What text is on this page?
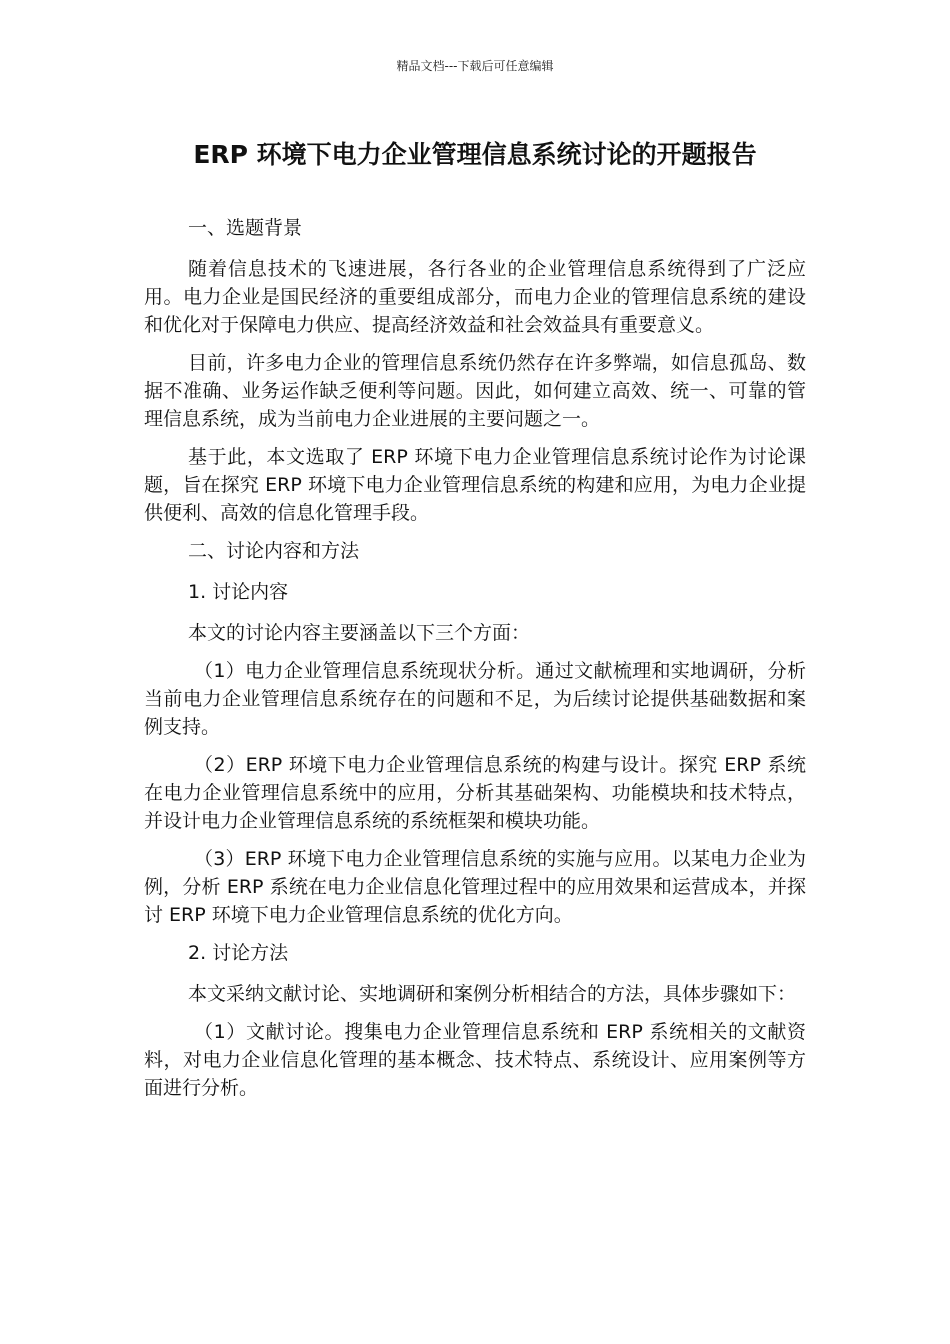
精品文档---下载后可任意编辑
ERP 环境下电力企业管理信息系统讨论的开题报告

一、选题背景

随着信息技术的飞速进展，各行各业的企业管理信息系统得到了广泛应用。电力企业是国民经济的重要组成部分，而电力企业的管理信息系统的建设和优化对于保障电力供应、提高经济效益和社会效益具有重要意义。

目前，许多电力企业的管理信息系统仍然存在许多弊端，如信息孤岛、数据不准确、业务运作缺乏便利等问题。因此，如何建立高效、统一、可靠的管理信息系统，成为当前电力企业进展的主要问题之一。

基于此，本文选取了 ERP 环境下电力企业管理信息系统讨论作为讨论课题，旨在探究 ERP 环境下电力企业管理信息系统的构建和应用，为电力企业提供便利、高效的信息化管理手段。

二、讨论内容和方法

1. 讨论内容

本文的讨论内容主要涵盖以下三个方面：

（1）电力企业管理信息系统现状分析。通过文献梳理和实地调研，分析当前电力企业管理信息系统存在的问题和不足，为后续讨论提供基础数据和案例支持。

（2）ERP 环境下电力企业管理信息系统的构建与设计。探究 ERP 系统在电力企业管理信息系统中的应用，分析其基础架构、功能模块和技术特点，并设计电力企业管理信息系统的系统框架和模块功能。

（3）ERP 环境下电力企业管理信息系统的实施与应用。以某电力企业为例，分析 ERP 系统在电力企业信息化管理过程中的应用效果和运营成本，并探讨 ERP 环境下电力企业管理信息系统的优化方向。

2. 讨论方法

本文采纳文献讨论、实地调研和案例分析相结合的方法，具体步骤如下：

（1）文献讨论。搜集电力企业管理信息系统和 ERP 系统相关的文献资料，对电力企业信息化管理的基本概念、技术特点、系统设计、应用案例等方面进行分析。
